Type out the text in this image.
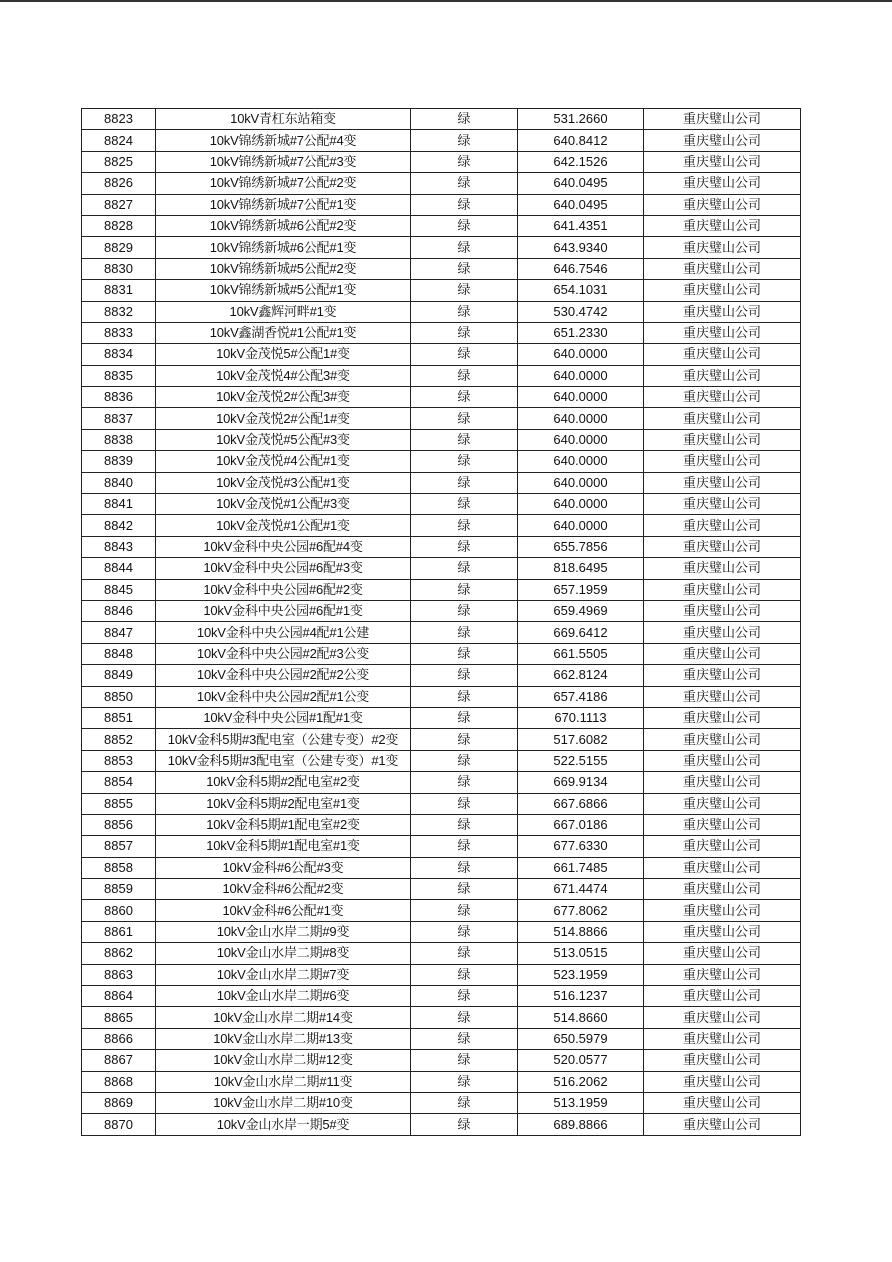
8823	10kV青杠东站箱变	绿	531.2660	重庆璧山公司
8824	10kV锦绣新城#7公配#4变	绿	640.8412	重庆璧山公司
8825	10kV锦绣新城#7公配#3变	绿	642.1526	重庆璧山公司
8826	10kV锦绣新城#7公配#2变	绿	640.0495	重庆璧山公司
8827	10kV锦绣新城#7公配#1变	绿	640.0495	重庆璧山公司
8828	10kV锦绣新城#6公配#2变	绿	641.4351	重庆璧山公司
8829	10kV锦绣新城#6公配#1变	绿	643.9340	重庆璧山公司
8830	10kV锦绣新城#5公配#2变	绿	646.7546	重庆璧山公司
8831	10kV锦绣新城#5公配#1变	绿	654.1031	重庆璧山公司
8832	10kV鑫辉河畔#1变	绿	530.4742	重庆璧山公司
8833	10kV鑫湖香悦#1公配#1变	绿	651.2330	重庆璧山公司
8834	10kV金茂悦5#公配1#变	绿	640.0000	重庆璧山公司
8835	10kV金茂悦4#公配3#变	绿	640.0000	重庆璧山公司
8836	10kV金茂悦2#公配3#变	绿	640.0000	重庆璧山公司
8837	10kV金茂悦2#公配1#变	绿	640.0000	重庆璧山公司
8838	10kV金茂悦#5公配#3变	绿	640.0000	重庆璧山公司
8839	10kV金茂悦#4公配#1变	绿	640.0000	重庆璧山公司
8840	10kV金茂悦#3公配#1变	绿	640.0000	重庆璧山公司
8841	10kV金茂悦#1公配#3变	绿	640.0000	重庆璧山公司
8842	10kV金茂悦#1公配#1变	绿	640.0000	重庆璧山公司
8843	10kV金科中央公园#6配#4变	绿	655.7856	重庆璧山公司
8844	10kV金科中央公园#6配#3变	绿	818.6495	重庆璧山公司
8845	10kV金科中央公园#6配#2变	绿	657.1959	重庆璧山公司
8846	10kV金科中央公园#6配#1变	绿	659.4969	重庆璧山公司
8847	10kV金科中央公园#4配#1公建	绿	669.6412	重庆璧山公司
8848	10kV金科中央公园#2配#3公变	绿	661.5505	重庆璧山公司
8849	10kV金科中央公园#2配#2公变	绿	662.8124	重庆璧山公司
8850	10kV金科中央公园#2配#1公变	绿	657.4186	重庆璧山公司
8851	10kV金科中央公园#1配#1变	绿	670.1113	重庆璧山公司
8852	10kV金科5期#3配电室（公建专变）#2变	绿	517.6082	重庆璧山公司
8853	10kV金科5期#3配电室（公建专变）#1变	绿	522.5155	重庆璧山公司
8854	10kV金科5期#2配电室#2变	绿	669.9134	重庆璧山公司
8855	10kV金科5期#2配电室#1变	绿	667.6866	重庆璧山公司
8856	10kV金科5期#1配电室#2变	绿	667.0186	重庆璧山公司
8857	10kV金科5期#1配电室#1变	绿	677.6330	重庆璧山公司
8858	10kV金科#6公配#3变	绿	661.7485	重庆璧山公司
8859	10kV金科#6公配#2变	绿	671.4474	重庆璧山公司
8860	10kV金科#6公配#1变	绿	677.8062	重庆璧山公司
8861	10kV金山水岸二期#9变	绿	514.8866	重庆璧山公司
8862	10kV金山水岸二期#8变	绿	513.0515	重庆璧山公司
8863	10kV金山水岸二期#7变	绿	523.1959	重庆璧山公司
8864	10kV金山水岸二期#6变	绿	516.1237	重庆璧山公司
8865	10kV金山水岸二期#14变	绿	514.8660	重庆璧山公司
8866	10kV金山水岸二期#13变	绿	650.5979	重庆璧山公司
8867	10kV金山水岸二期#12变	绿	520.0577	重庆璧山公司
8868	10kV金山水岸二期#11变	绿	516.2062	重庆璧山公司
8869	10kV金山水岸二期#10变	绿	513.1959	重庆璧山公司
8870	10kV金山水岸一期5#变	绿	689.8866	重庆璧山公司
